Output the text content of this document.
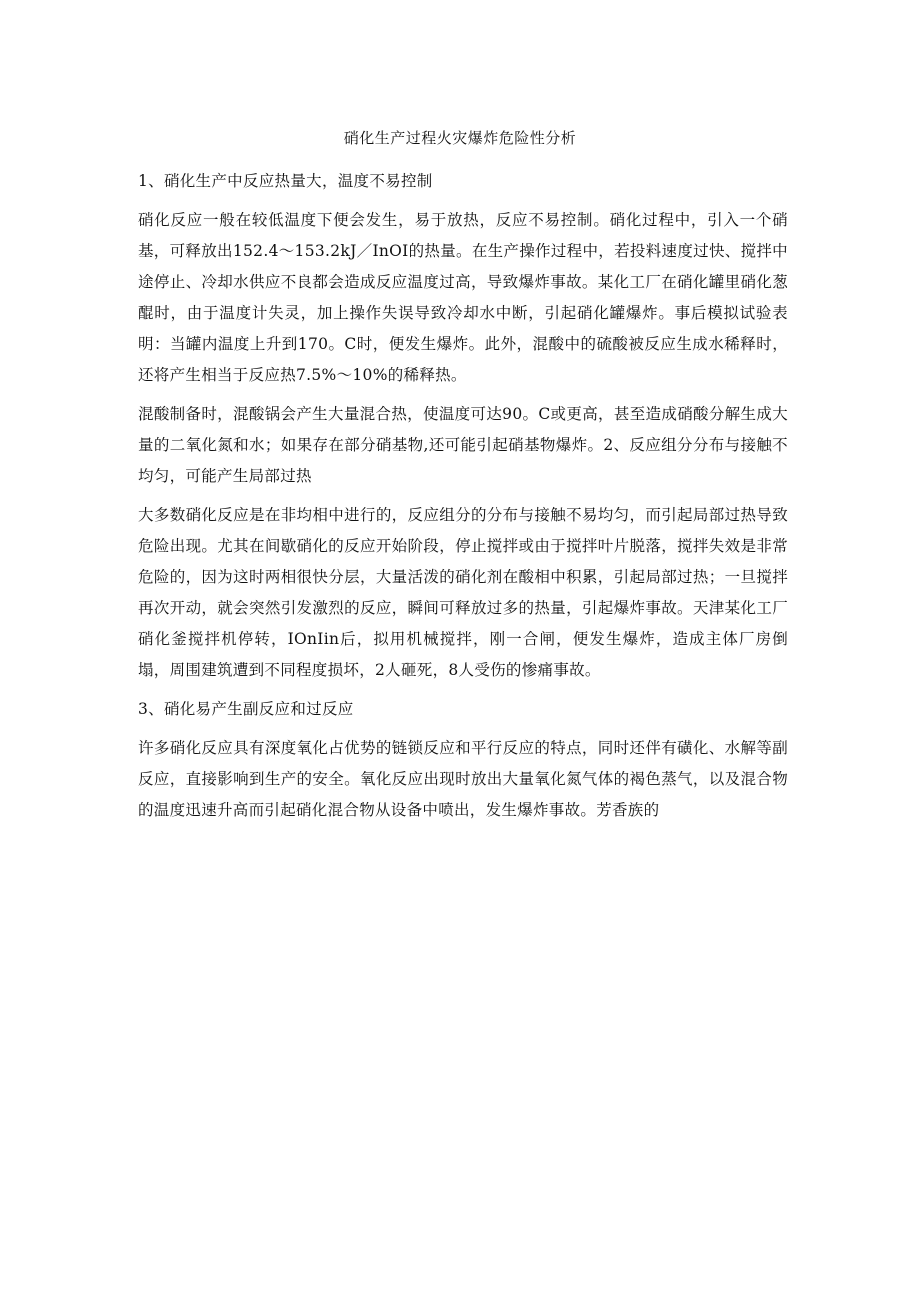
硝化生产过程火灾爆炸危险性分析

1、硝化生产中反应热量大，温度不易控制

硝化反应一般在较低温度下便会发生，易于放热，反应不易控制。硝化过程中，引入一个硝基，可释放出152.4～153.2kJ／InOI的热量。在生产操作过程中，若投料速度过快、搅拌中途停止、冷却水供应不良都会造成反应温度过高，导致爆炸事故。某化工厂在硝化罐里硝化葱醌时，由于温度计失灵，加上操作失误导致冷却水中断，引起硝化罐爆炸。事后模拟试验表明：当罐内温度上升到170。C时，便发生爆炸。此外，混酸中的硫酸被反应生成水稀释时，还将产生相当于反应热7.5%～10%的稀释热。

混酸制备时，混酸锅会产生大量混合热，使温度可达90。C或更高，甚至造成硝酸分解生成大量的二氧化氮和水；如果存在部分硝基物,还可能引起硝基物爆炸。2、反应组分分布与接触不均匀，可能产生局部过热

大多数硝化反应是在非均相中进行的，反应组分的分布与接触不易均匀，而引起局部过热导致危险出现。尤其在间歇硝化的反应开始阶段，停止搅拌或由于搅拌叶片脱落，搅拌失效是非常危险的，因为这时两相很快分层，大量活泼的硝化剂在酸相中积累，引起局部过热；一旦搅拌再次开动，就会突然引发激烈的反应，瞬间可释放过多的热量，引起爆炸事故。天津某化工厂硝化釜搅拌机停转，IOnIin后，拟用机械搅拌，刚一合闸，便发生爆炸，造成主体厂房倒塌，周围建筑遭到不同程度损坏，2人砸死，8人受伤的惨痛事故。

3、硝化易产生副反应和过反应

许多硝化反应具有深度氧化占优势的链锁反应和平行反应的特点，同时还伴有磺化、水解等副反应，直接影响到生产的安全。氧化反应出现时放出大量氧化氮气体的褐色蒸气，以及混合物的温度迅速升高而引起硝化混合物从设备中喷出，发生爆炸事故。芳香族的
